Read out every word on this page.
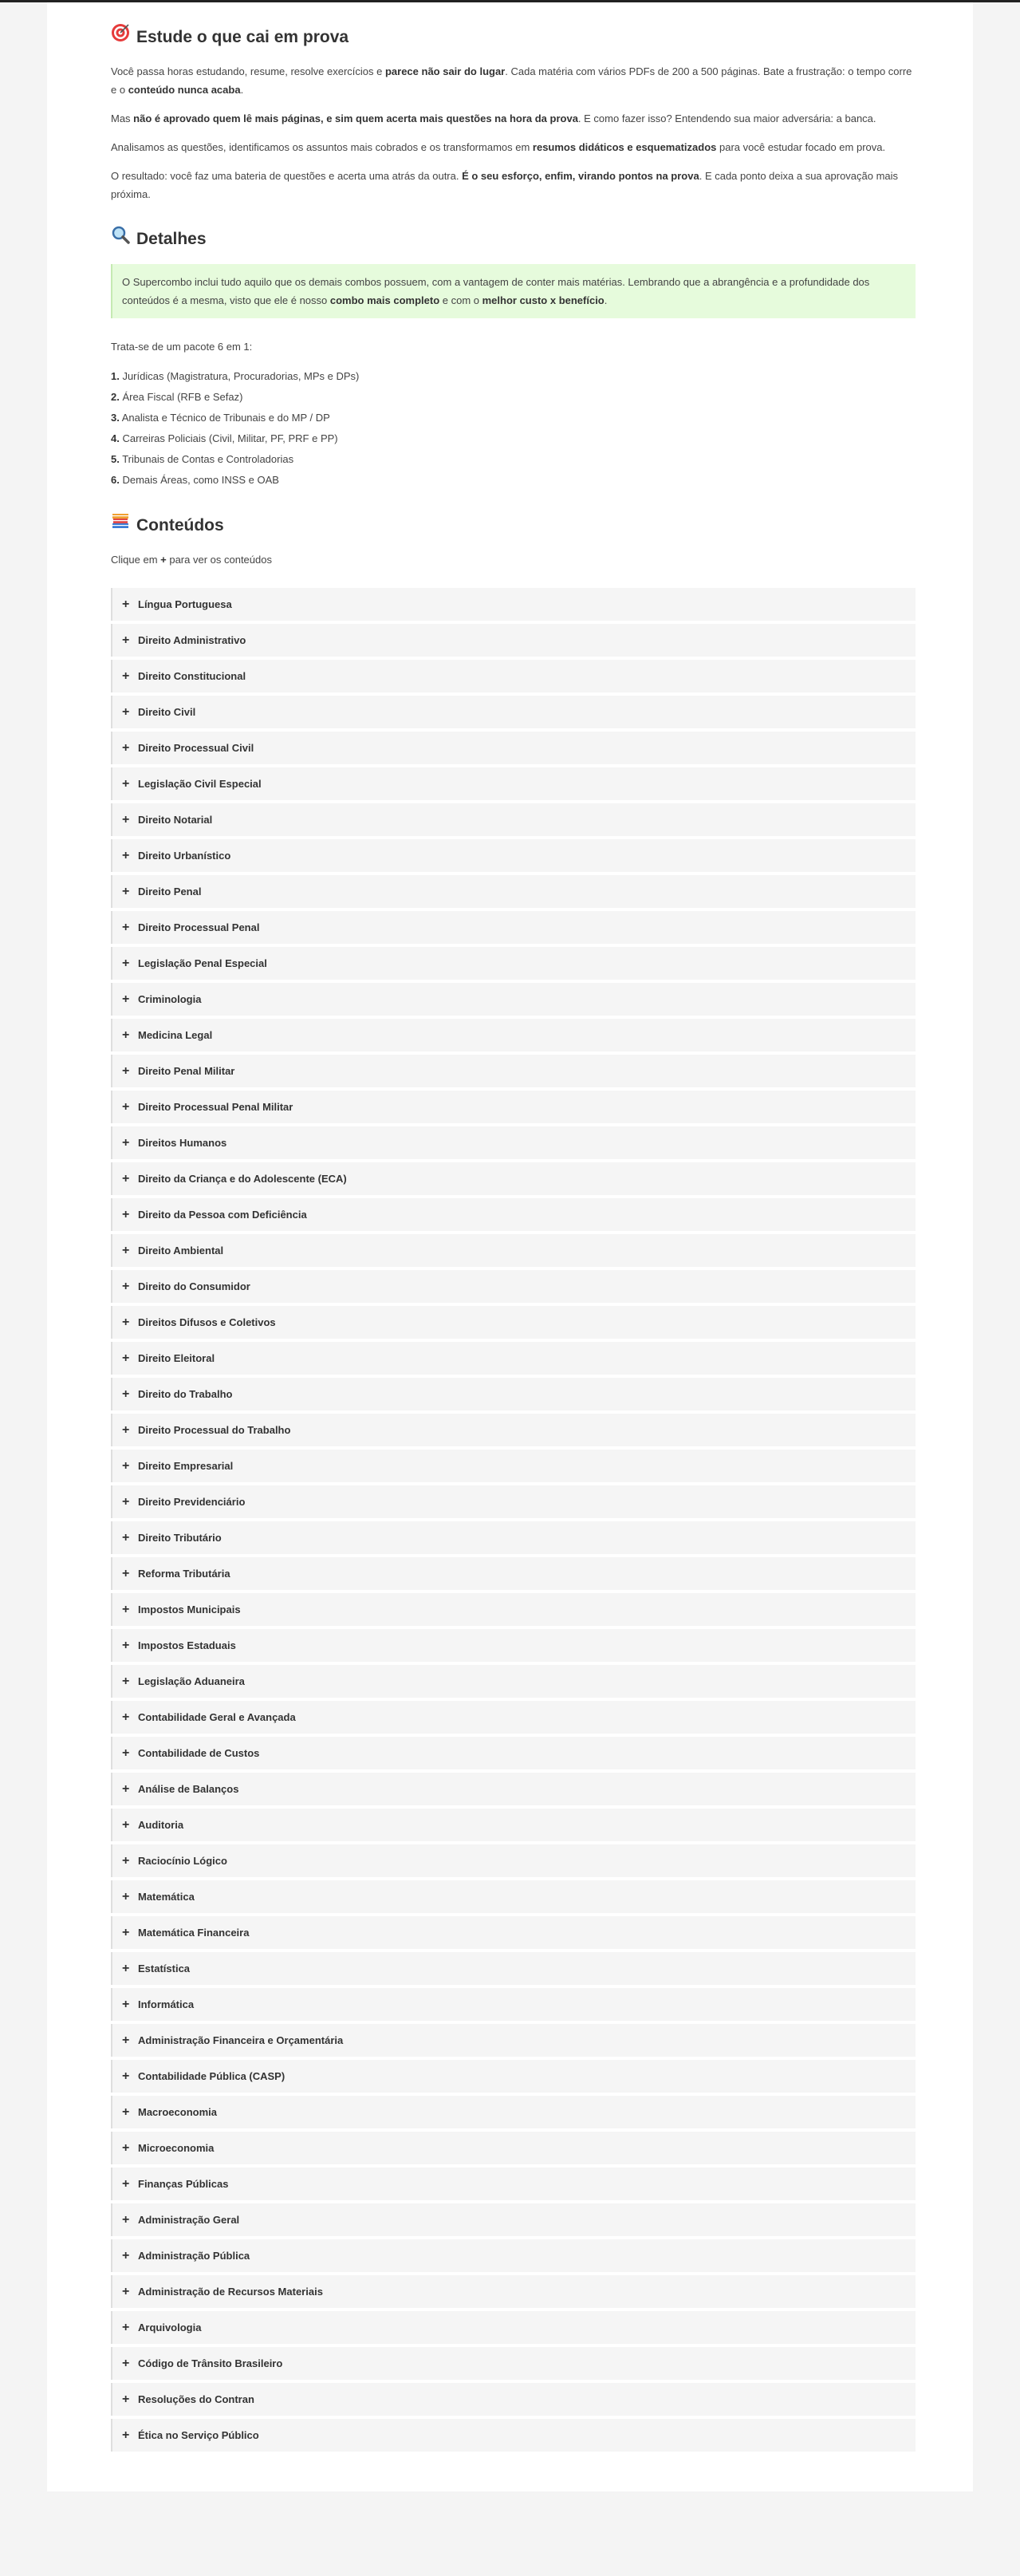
Estude o que cai em prova

Você passa horas estudando, resume, resolve exercícios e parece não sair do lugar. Cada matéria com vários PDFs de 200 a 500 páginas. Bate a frustração: o tempo corre e o conteúdo nunca acaba.

Mas não é aprovado quem lê mais páginas, e sim quem acerta mais questões na hora da prova. E como fazer isso? Entendendo sua maior adversária: a banca.

Analisamos as questões, identificamos os assuntos mais cobrados e os transformamos em resumos didáticos e esquematizados para você estudar focado em prova.

O resultado: você faz uma bateria de questões e acerta uma atrás da outra. É o seu esforço, enfim, virando pontos na prova. E cada ponto deixa a sua aprovação mais próxima.

Detalhes
O Supercombo inclui tudo aquilo que os demais combos possuem, com a vantagem de conter mais matérias. Lembrando que a abrangência e a profundidade dos conteúdos é a mesma, visto que ele é nosso combo mais completo e com o melhor custo x benefício.

Trata-se de um pacote 6 em 1:

1. Jurídicas (Magistratura, Procuradorias, MPs e DPs)
2. Área Fiscal (RFB e Sefaz)
3. Analista e Técnico de Tribunais e do MP / DP
4. Carreiras Policiais (Civil, Militar, PF, PRF e PP)
5. Tribunais de Contas e Controladorias
6. Demais Áreas, como INSS e OAB
Conteúdos

Clique em + para ver os conteúdos

+ Língua Portuguesa
+ Direito Administrativo
+ Direito Constitucional
+ Direito Civil
+ Direito Processual Civil
+ Legislação Civil Especial
+ Direito Notarial
+ Direito Urbanístico
+ Direito Penal
+ Direito Processual Penal
+ Legislação Penal Especial
+ Criminologia
+ Medicina Legal
+ Direito Penal Militar
+ Direito Processual Penal Militar
+ Direitos Humanos
+ Direito da Criança e do Adolescente (ECA)
+ Direito da Pessoa com Deficiência
+ Direito Ambiental
+ Direito do Consumidor
+ Direitos Difusos e Coletivos
+ Direito Eleitoral
+ Direito do Trabalho
+ Direito Processual do Trabalho
+ Direito Empresarial
+ Direito Previdenciário
+ Direito Tributário
+ Reforma Tributária
+ Impostos Municipais
+ Impostos Estaduais
+ Legislação Aduaneira
+ Contabilidade Geral e Avançada
+ Contabilidade de Custos
+ Análise de Balanços
+ Auditoria
+ Raciocínio Lógico
+ Matemática
+ Matemática Financeira
+ Estatística
+ Informática
+ Administração Financeira e Orçamentária
+ Contabilidade Pública (CASP)
+ Macroeconomia
+ Microeconomia
+ Finanças Públicas
+ Administração Geral
+ Administração Pública
+ Administração de Recursos Materiais
+ Arquivologia
+ Código de Trânsito Brasileiro
+ Resoluções do Contran
+ Ética no Serviço Público
